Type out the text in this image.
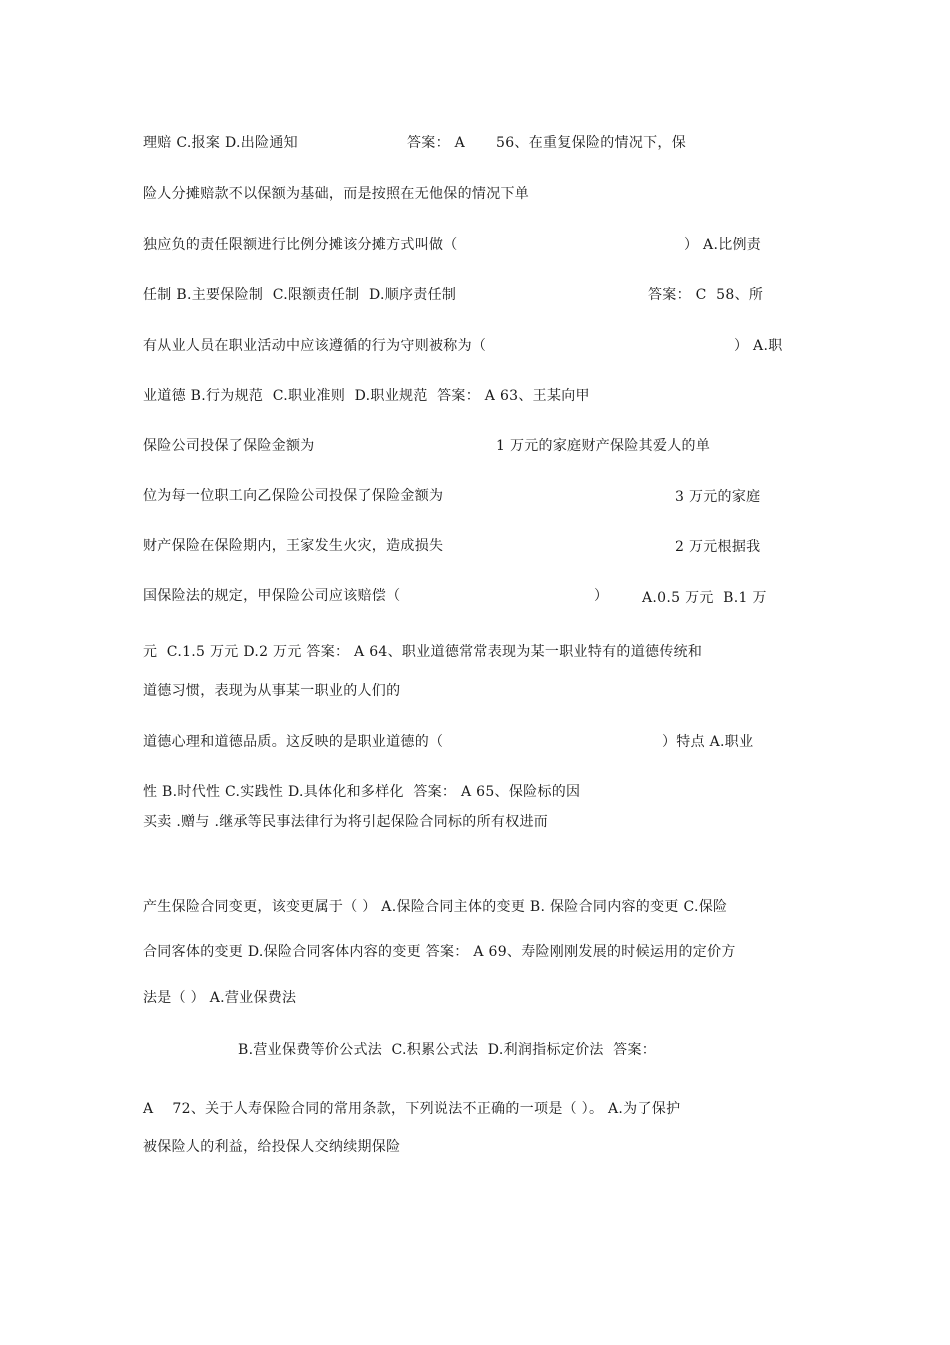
理赔 C.报案 D.出险通知	答案： A 56、在重复保险的情况下，保
险人分摊赔款不以保额为基础，而是按照在无他保的情况下单
独应负的责任限额进行比例分摊该分摊方式叫做（	） A.比例责
任制 B.主要保险制  C.限额责任制  D.顺序责任制	答案： C  58、所
有从业人员在职业活动中应该遵循的行为守则被称为（	） A.职
业道德 B.行为规范  C.职业准则  D.职业规范  答案： A 63、王某向甲
保险公司投保了保险金额为	1 万元的家庭财产保险其爱人的单
位为每一位职工向乙保险公司投保了保险金额为	3 万元的家庭
财产保险在保险期内，王家发生火灾，造成损失	2 万元根据我
国保险法的规定，甲保险公司应该赔偿（	） A.0.5 万元  B.1 万
元  C.1.5 万元 D.2 万元 答案： A 64、职业道德常常表现为某一职业特有的道德传统和
道德习惯，表现为从事某一职业的人们的
道德心理和道德品质。这反映的是职业道德的（	）特点 A.职业
性 B.时代性 C.实践性 D.具体化和多样化  答案： A 65、保险标的因
买卖 .赠与 .继承等民事法律行为将引起保险合同标的所有权进而
产生保险合同变更，该变更属于（ ） A.保险合同主体的变更 B. 保险合同内容的变更 C.保险
合同客体的变更 D.保险合同客体内容的变更 答案： A 69、寿险刚刚发展的时候运用的定价方
法是（ ） A.营业保费法
B.营业保费等价公式法  C.积累公式法  D.利润指标定价法  答案：
A    72、关于人寿保险合同的常用条款，下列说法不正确的一项是（ ）。 A.为了保护
被保险人的利益，给投保人交纳续期保险
